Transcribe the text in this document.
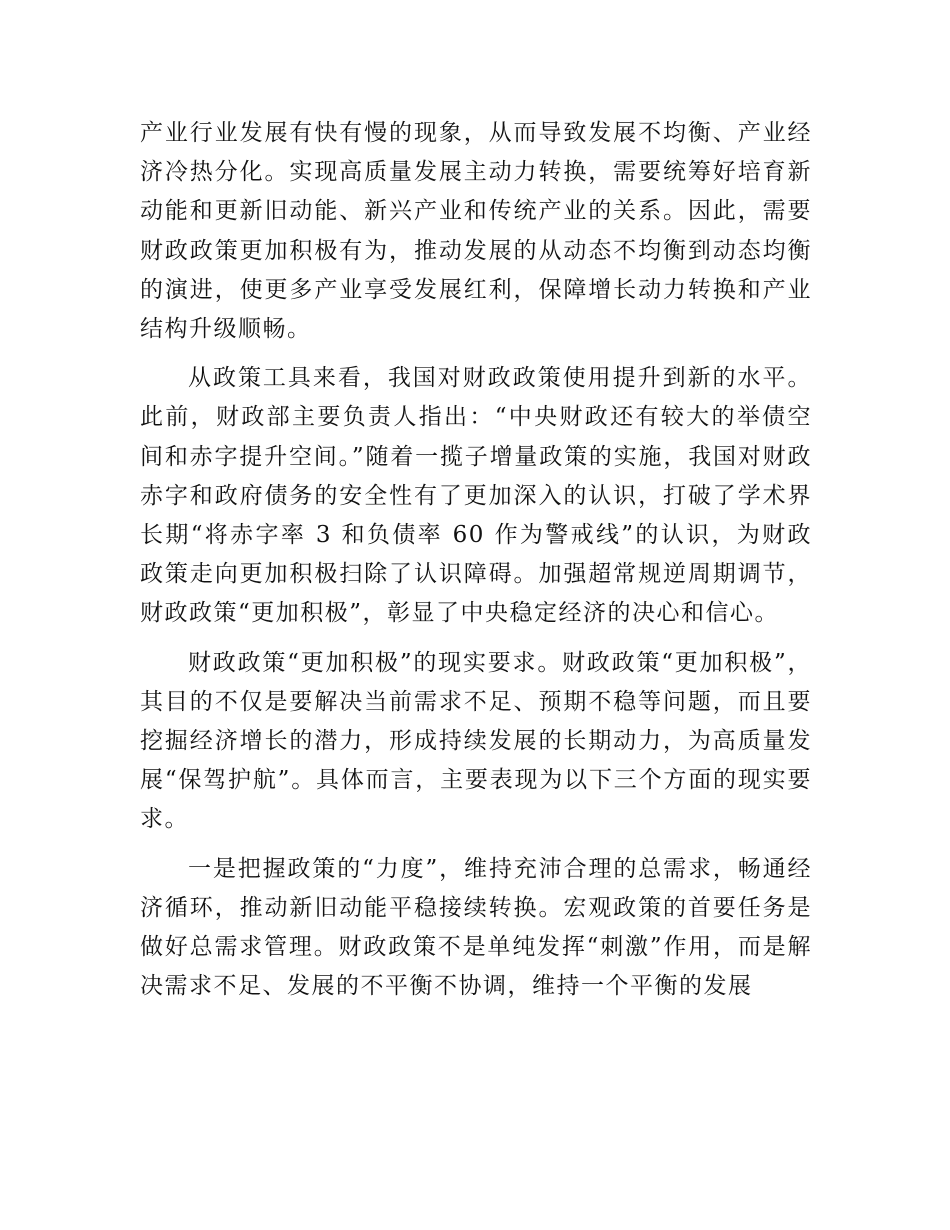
产业行业发展有快有慢的现象，从而导致发展不均衡、产业经济冷热分化。实现高质量发展主动力转换，需要统筹好培育新动能和更新旧动能、新兴产业和传统产业的关系。因此，需要财政政策更加积极有为，推动发展的从动态不均衡到动态均衡的演进，使更多产业享受发展红利，保障增长动力转换和产业结构升级顺畅。

从政策工具来看，我国对财政政策使用提升到新的水平。此前，财政部主要负责人指出：“中央财政还有较大的举债空间和赤字提升空间。”随着一揽子增量政策的实施，我国对财政赤字和政府债务的安全性有了更加深入的认识，打破了学术界长期“将赤字率 3 和负债率 60 作为警戒线”的认识，为财政政策走向更加积极扫除了认识障碍。加强超常规逆周期调节，财政政策“更加积极”，彰显了中央稳定经济的决心和信心。

财政政策“更加积极”的现实要求。财政政策“更加积极”，其目的不仅是要解决当前需求不足、预期不稳等问题，而且要挖掘经济增长的潜力，形成持续发展的长期动力，为高质量发展“保驾护航”。具体而言，主要表现为以下三个方面的现实要求。

一是把握政策的“力度”，维持充沛合理的总需求，畅通经济循环，推动新旧动能平稳接续转换。宏观政策的首要任务是做好总需求管理。财政政策不是单纯发挥“刺激”作用，而是解决需求不足、发展的不平衡不协调，维持一个平衡的发展
